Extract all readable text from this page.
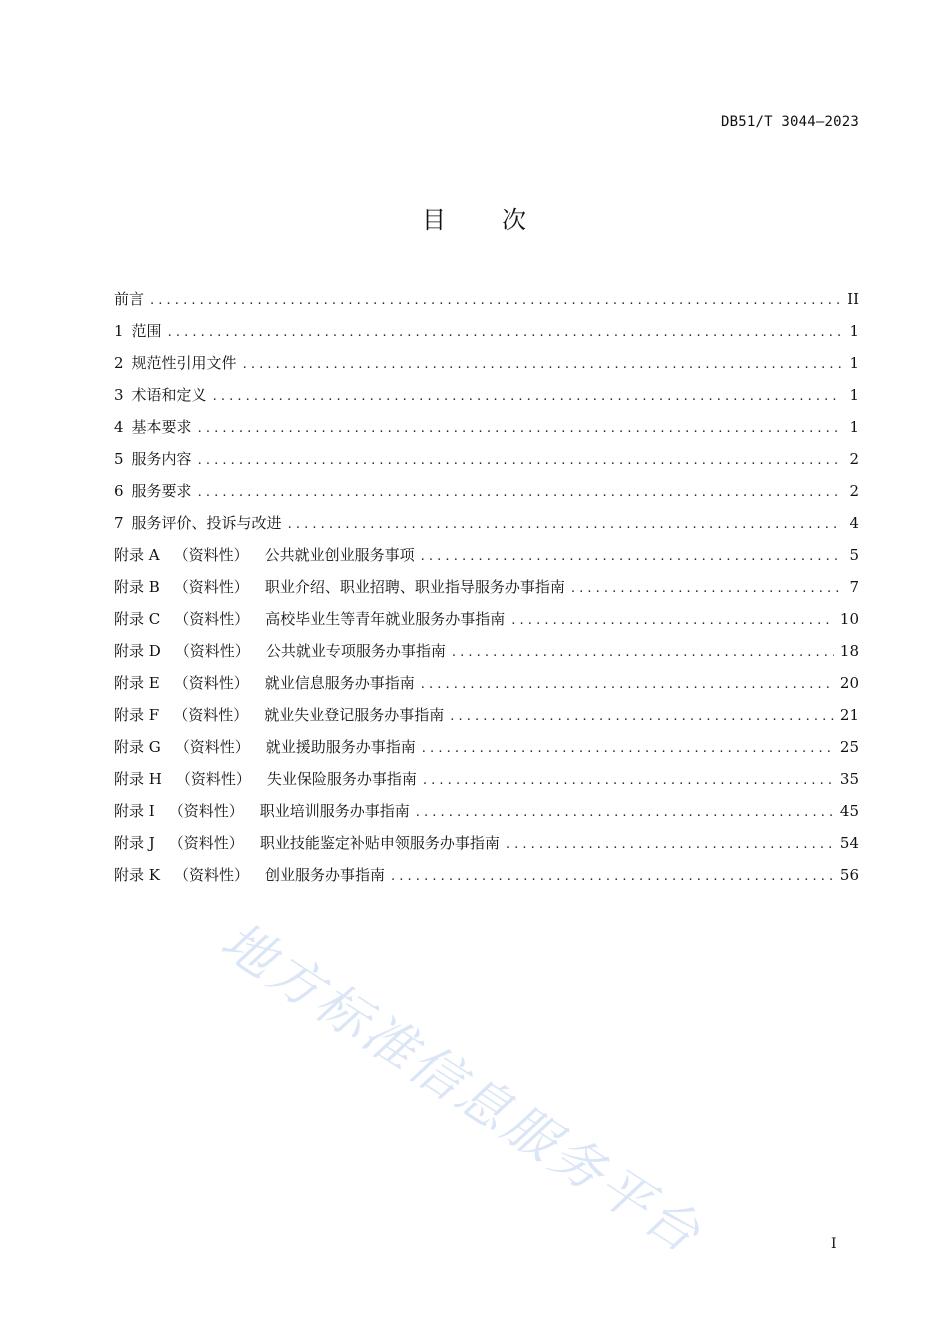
DB51/T 3044—2023
目 次
前言 . . .	II
1 范围 . . .	1
2 规范性引用文件 . . .	1
3 术语和定义 . . .	1
4 基本要求 . . .	1
5 服务内容 . . .	2
6 服务要求 . . .	2
7 服务评价、投诉与改进 . . .	4
附录 A （资料性） 公共就业创业服务事项 . . .	5
附录 B （资料性） 职业介绍、职业招聘、职业指导服务办事指南 . . .	7
附录 C （资料性） 高校毕业生等青年就业服务办事指南 . . .	10
附录 D （资料性） 公共就业专项服务办事指南 . . .	18
附录 E （资料性） 就业信息服务办事指南 . . .	20
附录 F （资料性） 就业失业登记服务办事指南 . . .	21
附录 G （资料性） 就业援助服务办事指南 . . .	25
附录 H （资料性） 失业保险服务办事指南 . . .	35
附录 I （资料性） 职业培训服务办事指南 . . .	45
附录 J （资料性） 职业技能鉴定补贴申领服务办事指南 . . .	54
附录 K （资料性） 创业服务办事指南 . . .	56
地方标准信息服务平台	I
